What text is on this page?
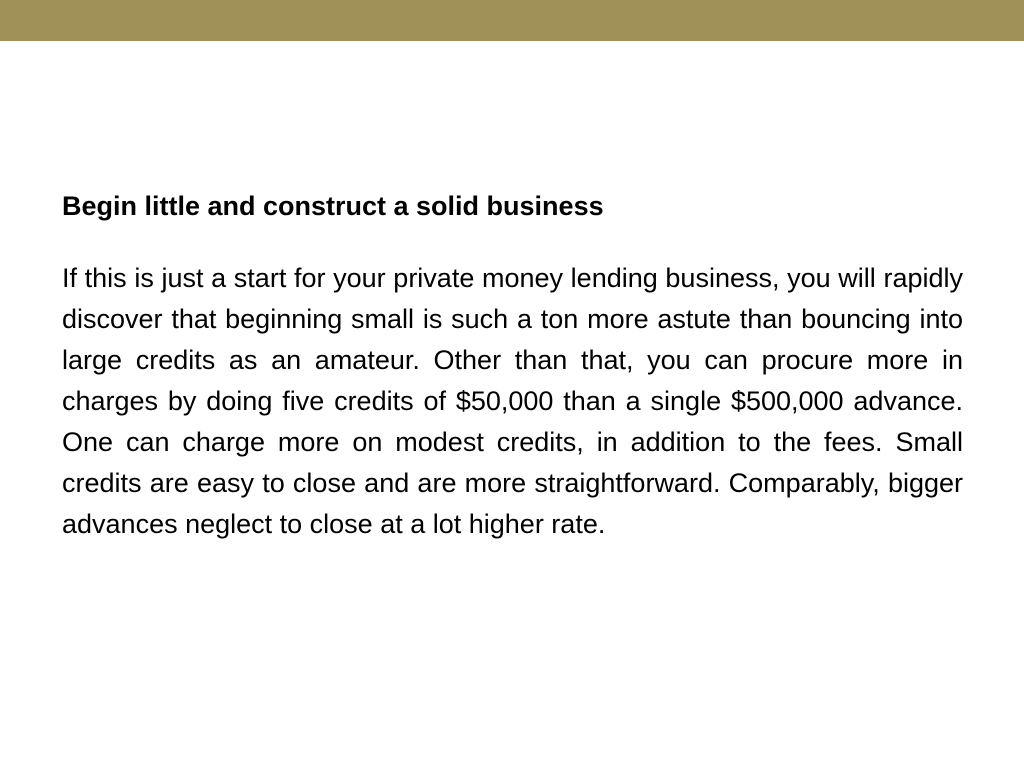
Begin little and construct a solid business

If this is just a start for your private money lending business, you will rapidly discover that beginning small is such a ton more astute than bouncing into large credits as an amateur. Other than that, you can procure more in charges by doing five credits of $50,000 than a single $500,000 advance. One can charge more on modest credits, in addition to the fees. Small credits are easy to close and are more straightforward. Comparably, bigger advances neglect to close at a lot higher rate.
